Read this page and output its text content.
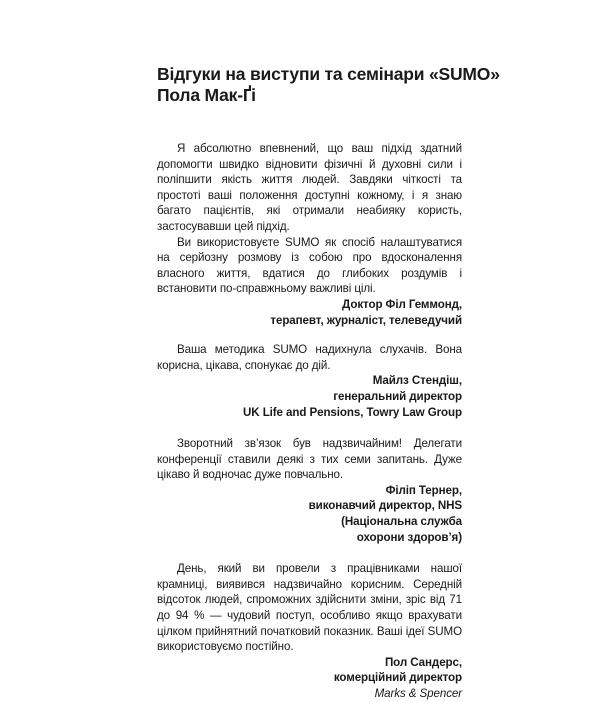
Відгуки на виступи та семінари «SUMO»
Пола Мак-Ґі

Я абсолютно впевнений, що ваш підхід здатний допомогти швидко відновити фізичні й духовні сили і поліпшити якість життя людей. Завдяки чіткості та простоті ваші положення доступні кожному, і я знаю багато пацієнтів, які отримали неабияку користь, застосувавши цей підхід.

Ви використовуєте SUMO як спосіб налаштуватися на серйозну розмову із собою про вдосконалення власного життя, вдатися до глибоких роздумів і встановити по-справжньому важливі цілі.

Доктор Філ Геммонд,
терапевт, журналіст, телеведучий

Ваша методика SUMO надихнула слухачів. Вона корисна, цікава, спонукає до дій.

Майлз Стендіш,
генеральний директор
UK Life and Pensions, Towry Law Group

Зворотний зв’язок був надзвичайним! Делегати конференції ставили деякі з тих семи запитань. Дуже цікаво й водночас дуже повчально.

Філіп Тернер,
виконавчий директор, NHS
(Національна служба
охорони здоров’я)

День, який ви провели з працівниками нашої крамниці, виявився надзвичайно корисним. Середній відсоток людей, спроможних здійснити зміни, зріс від 71 до 94 % — чудовий поступ, особливо якщо врахувати цілком прийнятний початковий показник. Ваші ідеї SUMO використовуємо постійно.

Пол Сандерс,
комерційний директор
Marks & Spencer
